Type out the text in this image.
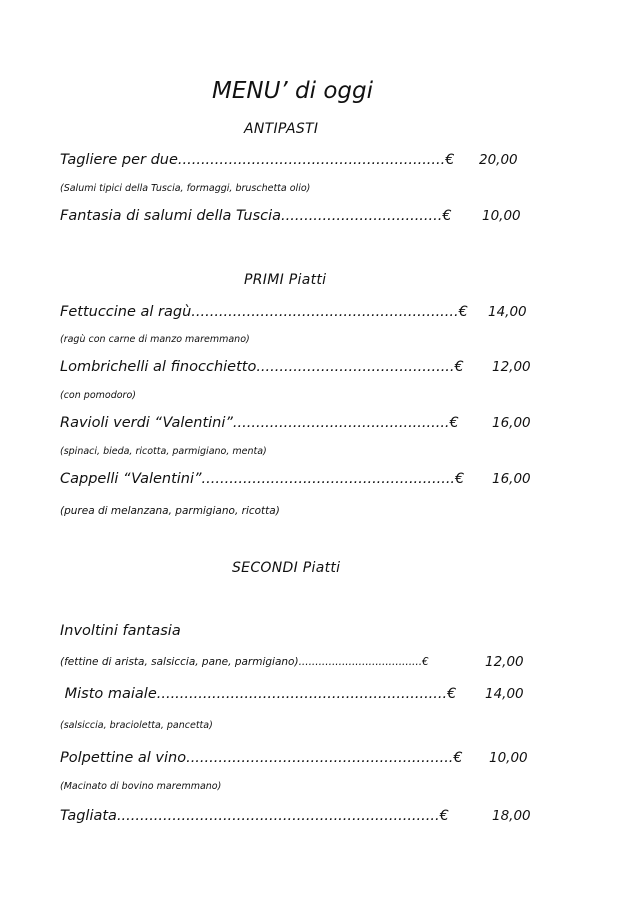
MENU’ di oggi
ANTIPASTI
Tagliere per due..........................................................€ 20,00
(Salumi tipici della Tuscia, formaggi, bruschetta olio)
Fantasia di salumi della Tuscia...................................€ 10,00
PRIMI Piatti
Fettuccine al ragù..........................................................€ 14,00
(ragù con carne di manzo maremmano)
Lombrichelli al finocchietto...........................................€ 12,00
(con pomodoro)
Ravioli verdi “Valentini”...............................................€ 16,00
(spinaci, bieda, ricotta, parmigiano, menta)
Cappelli “Valentini”.......................................................€ 16,00
(purea di melanzana, parmigiano, ricotta)
SECONDI Piatti
Involtini fantasia
(fettine di arista, salsiccia, pane, parmigiano).....................................€	12,00
Misto maiale...............................................................€ 14,00
(salsiccia, braciolett​a, pancetta)
Polpettine al vino..........................................................€ 10,00
(Macinato di bovino maremmano)
Tagliata......................................................................€	18,00
